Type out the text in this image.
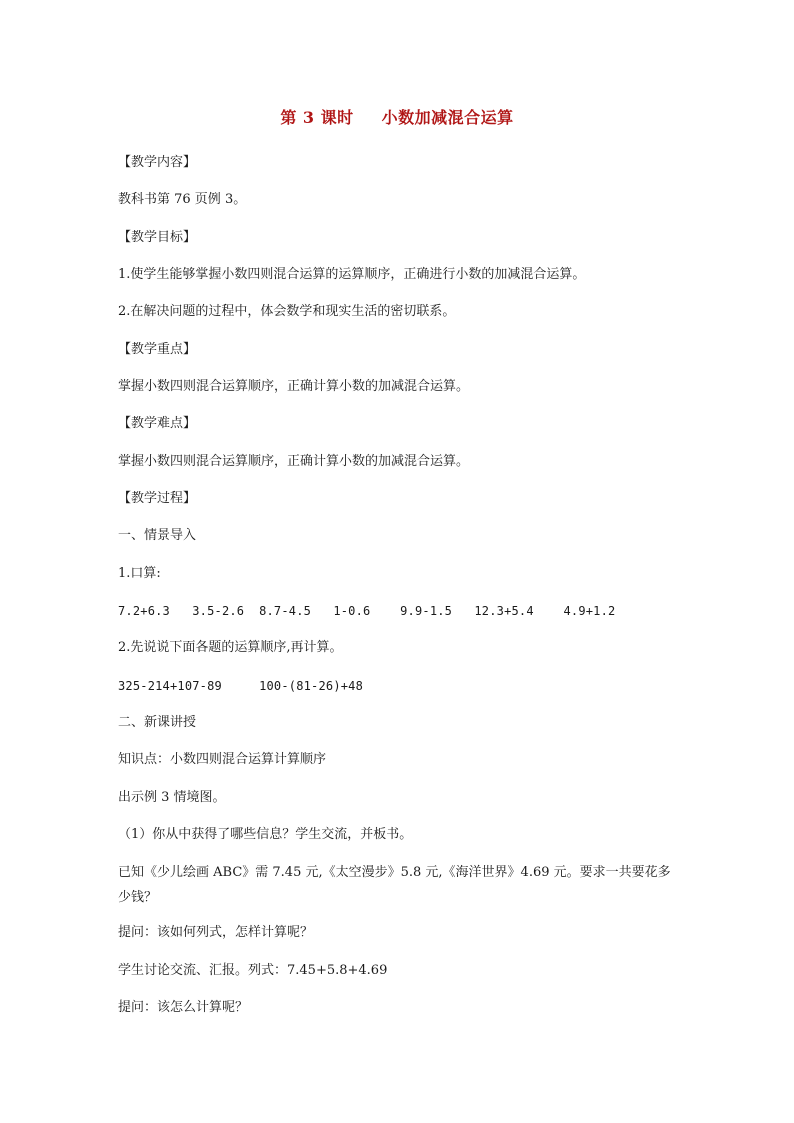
第 3 课时 小数加减混合运算
【教学内容】
教科书第 76 页例 3。
【教学目标】
1.使学生能够掌握小数四则混合运算的运算顺序，正确进行小数的加减混合运算。
2.在解决问题的过程中，体会数学和现实生活的密切联系。
【教学重点】
掌握小数四则混合运算顺序，正确计算小数的加减混合运算。
【教学难点】
掌握小数四则混合运算顺序，正确计算小数的加减混合运算。
【教学过程】
一、情景导入
1.口算:
7.2+6.3   3.5-2.6  8.7-4.5   1-0.6    9.9-1.5   12.3+5.4    4.9+1.2
2.先说说下面各题的运算顺序,再计算。
325-214+107-89     100-(81-26)+48
二、新课讲授
知识点：小数四则混合运算计算顺序
出示例 3 情境图。
（1）你从中获得了哪些信息？学生交流，并板书。
已知《少儿绘画 ABC》需 7.45 元,《太空漫步》5.8 元,《海洋世界》4.69 元。要求一共要花多少钱？
提问：该如何列式，怎样计算呢？
学生讨论交流、汇报。列式：7.45+5.8+4.69
提问：该怎么计算呢？
